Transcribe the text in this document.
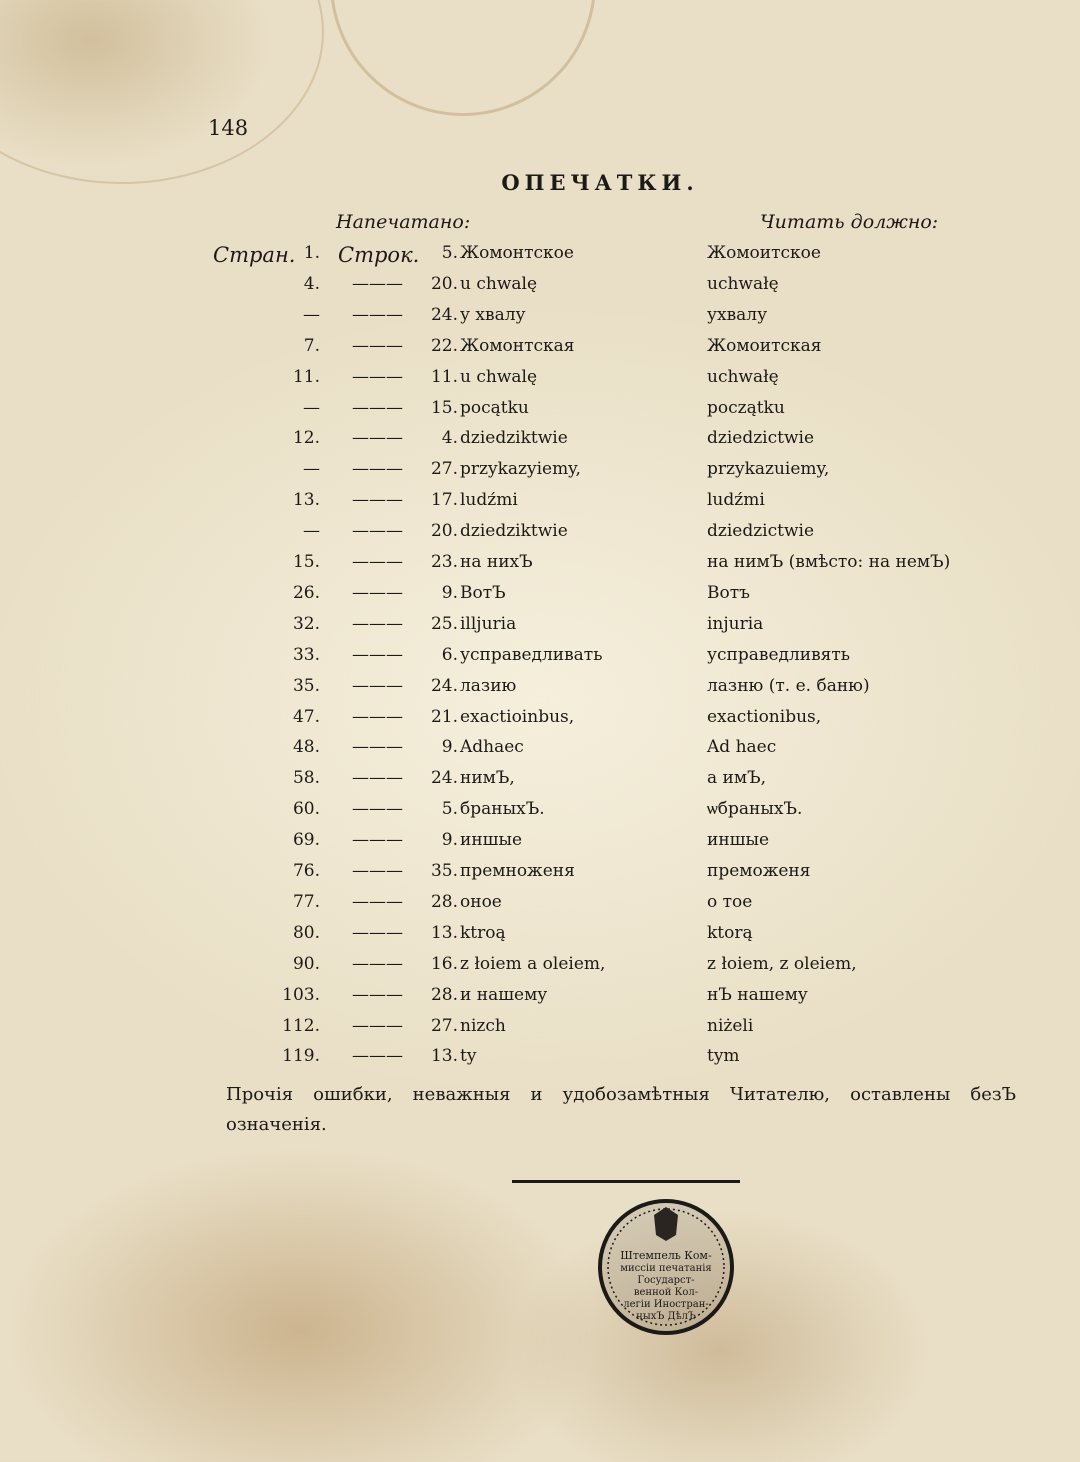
148
ОПЕЧАТКИ.
Напечатано:	Читать должно:
Стран. Строк.
1.	5. Жомонтское	Жомоитское
4. ———	20. u chwalę	uchwałę
— ———	24. у хвалу	ухвалу
7. ———	22. Жомонтская	Жомоитская
11. ———	11. u chwalę	uchwałę
— ———	15. poсątku	początku
12. ———	4. dziedziktwie	dziedzictwie
— ———	27. przykazyiemy,	przykazuiemy,
13. ———	17. ludźmi	ludźmi
— ———	20. dziedziktwie	dziedzictwie
15. ———	23. на нихЪ	на нимЪ (вмѣсто: на немЪ)
26. ———	9. ВотЪ	Вотъ
32. ———	25. illjuria	injuria
33. ———	6. усправедливать	усправедливять
35. ———	24. лазию	лазню (т. е. баню)
47. ———	21. exactioinbus,	exactionibus,
48. ———	9. Adhaec	Ad haec
58. ———	24. нимЪ,	а имЪ,
60. ———	5. браныхЪ.	ѡбраныхЪ.
69. ———	9. иншые	иншые
76. ———	35. премноженя	преможеня
77. ———	28. оное	о тое
80. ———	13. ktroą	ktorą
90. ———	16. z łoiem a oleiem,	z łoiem, z oleiem,
103. ———	28. и нашему	нЪ нашему
112. ———	27. nizch	niżeli
119. ———	13. ty	tym
Прочія ошибки, неважныя и удобозамѣтныя Читателю, оставлены безЪ означенія.
Штемпель Ком-
миссіи печатанія
Государст-
венной Кол-
легіи Иностран-
ныхЪ ДѣлЪ
